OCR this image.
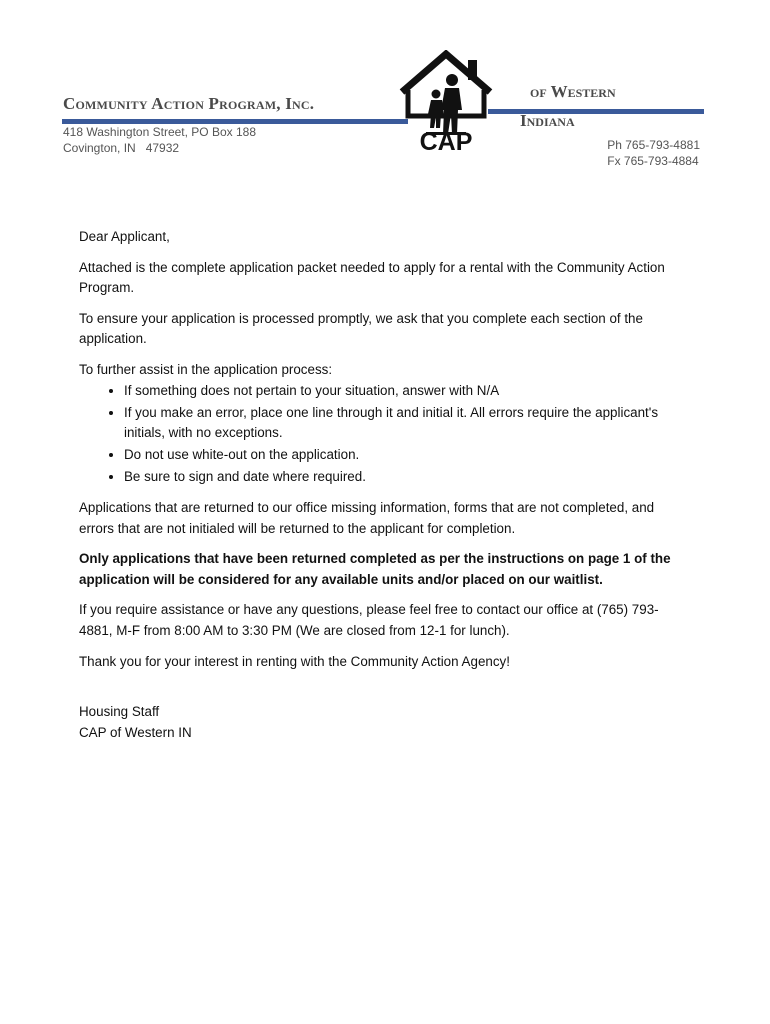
Community Action Program, Inc.
CAP
of Western
Indiana
418 Washington Street, PO Box 188
Covington, IN   47932	Ph 765-793-4881
Fx 765-793-4884

Dear Applicant,

Attached is the complete application packet needed to apply for a rental with the Community Action Program.

To ensure your application is processed promptly, we ask that you complete each section of the application.

To further assist in the application process:

• If something does not pertain to your situation, answer with N/A
• If you make an error, place one line through it and initial it. All errors require the applicant's initials, with no exceptions.
• Do not use white-out on the application.
• Be sure to sign and date where required.

Applications that are returned to our office missing information, forms that are not completed, and errors that are not initialed will be returned to the applicant for completion.

Only applications that have been returned completed as per the instructions on page 1 of the application will be considered for any available units and/or placed on our waitlist.

If you require assistance or have any questions, please feel free to contact our office at (765) 793-4881, M-F from 8:00 AM to 3:30 PM (We are closed from 12-1 for lunch).

Thank you for your interest in renting with the Community Action Agency!

Housing Staff
CAP of Western IN
